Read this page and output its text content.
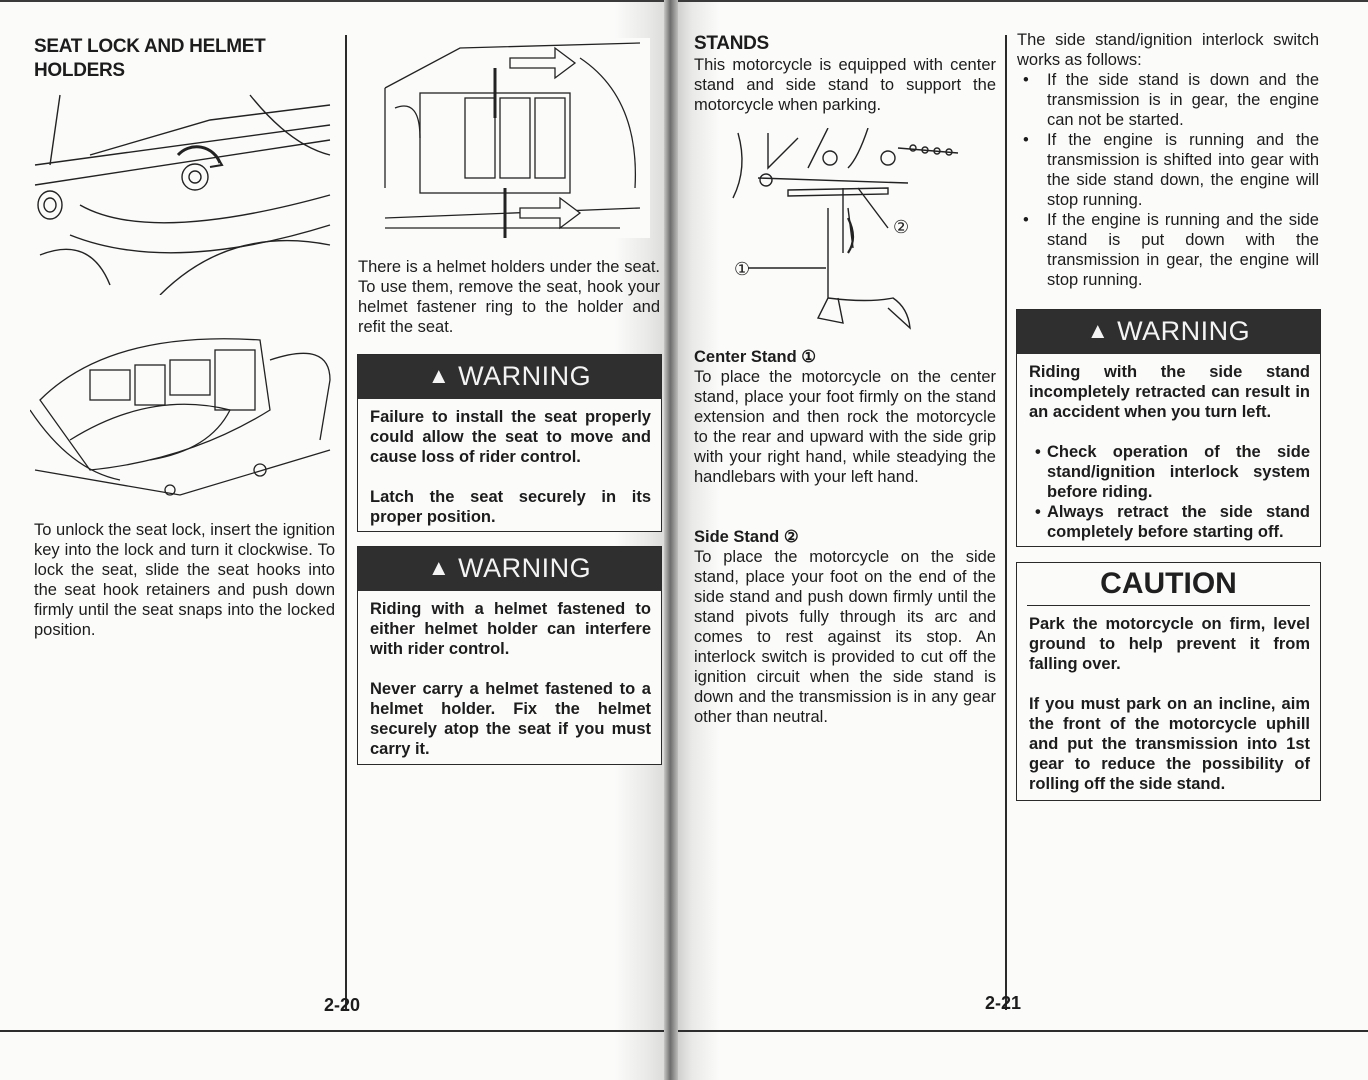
SEAT LOCK AND HELMET HOLDERS
To unlock the seat lock, insert the ignition key into the lock and turn it clockwise. To lock the seat, slide the seat hooks into the seat hook retainers and push down firmly until the seat snaps into the locked position.
2-20
There is a helmet holders under the seat. To use them, remove the seat, hook your helmet fastener ring to the holder and refit the seat.
▲ WARNING

Failure to install the seat properly could allow the seat to move and cause loss of rider control.

Latch the seat securely in its proper position.

▲ WARNING

Riding with a helmet fastened to either helmet holder can interfere with rider control.

Never carry a helmet fastened to a helmet holder. Fix the helmet securely atop the seat if you must carry it.

STANDS
This motorcycle is equipped with center stand and side stand to support the motorcycle when parking.
①
②
Center Stand ①
To place the motorcycle on the center stand, place your foot firmly on the stand extension and then rock the motorcycle to the rear and upward with the side grip with your right hand, while steadying the handlebars with your left hand.
Side Stand ②
To place the motorcycle on the side stand, place your foot on the end of the side stand and push down firmly until the stand pivots fully through its arc and comes to rest against its stop. An interlock switch is provided to cut off the ignition circuit when the side stand is down and the transmission is in any gear other than neutral.
2-21
The side stand/ignition interlock switch works as follows:
• If the side stand is down and the transmission is in gear, the engine can not be started.
• If the engine is running and the transmission is shifted into gear with the side stand down, the engine will stop running.
• If the engine is running and the side stand is put down with the transmission in gear, the engine will stop running.
▲ WARNING

Riding with the side stand incompletely retracted can result in an accident when you turn left.

• Check operation of the side stand/ignition interlock system before riding.
• Always retract the side stand completely before starting off.
CAUTION

Park the motorcycle on firm, level ground to help prevent it from falling over.

If you must park on an incline, aim the front of the motorcycle uphill and put the transmission into 1st gear to reduce the possibility of rolling off the side stand.
